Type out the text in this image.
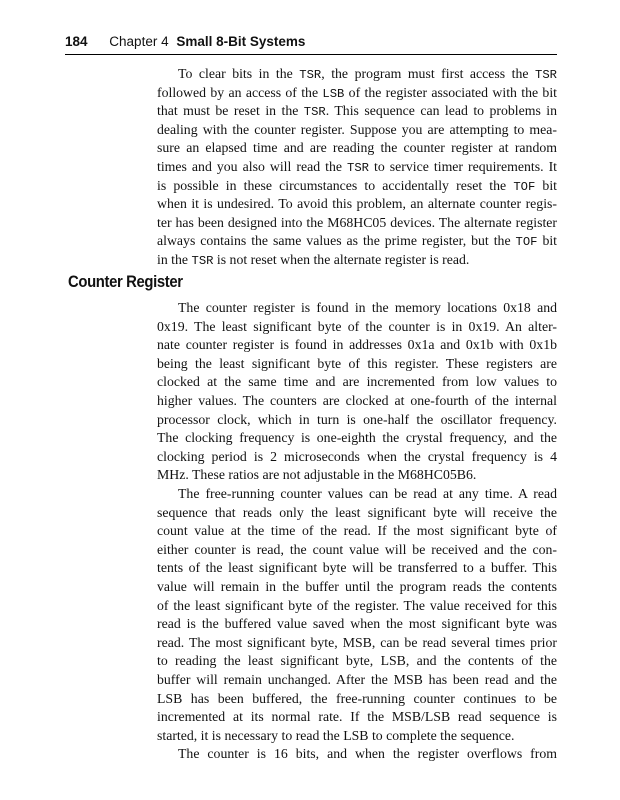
184 Chapter 4 Small 8-Bit Systems
To clear bits in the TSR, the program must first access the TSR
followed by an access of the LSB of the register associated with the bit
that must be reset in the TSR. This sequence can lead to problems in
dealing with the counter register. Suppose you are attempting to mea-
sure an elapsed time and are reading the counter register at random
times and you also will read the TSR to service timer requirements. It
is possible in these circumstances to accidentally reset the TOF bit
when it is undesired. To avoid this problem, an alternate counter regis-
ter has been designed into the M68HC05 devices. The alternate register
always contains the same values as the prime register, but the TOF bit
in the TSR is not reset when the alternate register is read.
Counter Register
The counter register is found in the memory locations 0x18 and
0x19. The least significant byte of the counter is in 0x19. An alter-
nate counter register is found in addresses 0x1a and 0x1b with 0x1b
being the least significant byte of this register. These registers are
clocked at the same time and are incremented from low values to
higher values. The counters are clocked at one-fourth of the internal
processor clock, which in turn is one-half the oscillator frequency.
The clocking frequency is one-eighth the crystal frequency, and the
clocking period is 2 microseconds when the crystal frequency is 4
MHz. These ratios are not adjustable in the M68HC05B6.
The free-running counter values can be read at any time. A read
sequence that reads only the least significant byte will receive the
count value at the time of the read. If the most significant byte of
either counter is read, the count value will be received and the con-
tents of the least significant byte will be transferred to a buffer. This
value will remain in the buffer until the program reads the contents
of the least significant byte of the register. The value received for this
read is the buffered value saved when the most significant byte was
read. The most significant byte, MSB, can be read several times prior
to reading the least significant byte, LSB, and the contents of the
buffer will remain unchanged. After the MSB has been read and the
LSB has been buffered, the free-running counter continues to be
incremented at its normal rate. If the MSB/LSB read sequence is
started, it is necessary to read the LSB to complete the sequence.
The counter is 16 bits, and when the register overflows from
